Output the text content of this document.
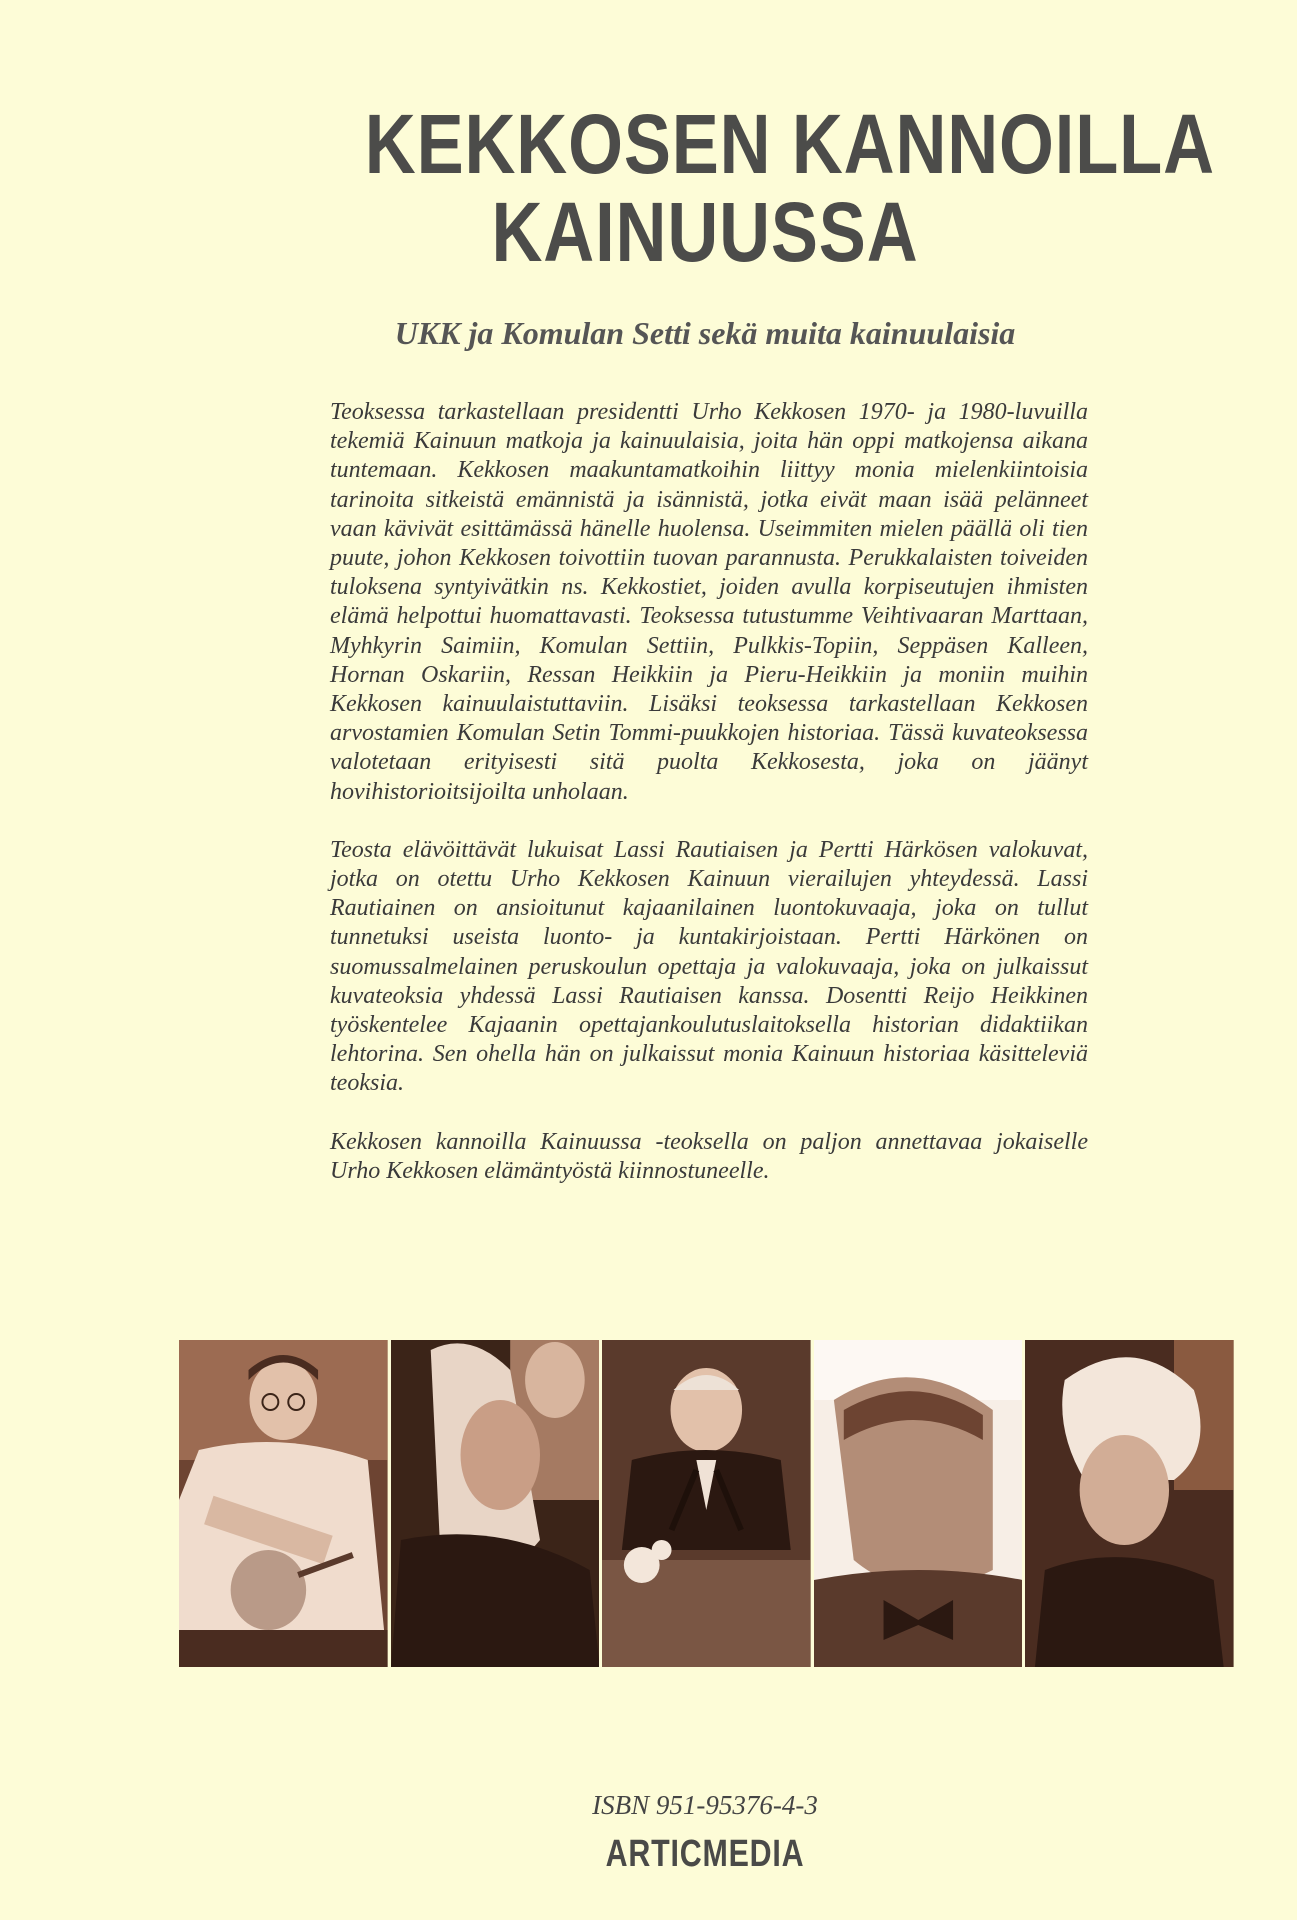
KEKKOSEN KANNOILLA
KAINUUSSA
UKK ja Komulan Setti sekä muita kainuulaisia

Teoksessa tarkastellaan presidentti Urho Kekkosen 1970- ja 1980-luvuilla tekemiä Kainuun matkoja ja kainuulaisia, joita hän oppi matkojensa aikana tuntemaan. Kekkosen maakuntamatkoihin liittyy monia mielenkiintoisia tarinoita sitkeistä emännistä ja isännistä, jotka eivät maan isää pelänneet vaan kävivät esittämässä hänelle huolensa. Useimmiten mielen päällä oli tien puute, johon Kekkosen toivottiin tuovan parannusta. Perukkalaisten toiveiden tuloksena syntyivätkin ns. Kekkostiet, joiden avulla korpiseutujen ihmisten elämä helpottui huomattavasti. Teoksessa tutustumme Veihtivaaran Marttaan, Myhkyrin Saimiin, Komulan Settiin, Pulkkis-Topiin, Seppäsen Kalleen, Hornan Oskariin, Ressan Heikkiin ja Pieru-Heikkiin ja moniin muihin Kekkosen kainuulaistuttaviin. Lisäksi teoksessa tarkastellaan Kekkosen arvostamien Komulan Setin Tommi-puukkojen historiaa. Tässä kuvateoksessa valotetaan erityisesti sitä puolta Kekkosesta, joka on jäänyt hovihistorioitsijoilta unholaan.

Teosta elävöittävät lukuisat Lassi Rautiaisen ja Pertti Härkösen valokuvat, jotka on otettu Urho Kekkosen Kainuun vierailujen yhteydessä. Lassi Rautiainen on ansioitunut kajaanilainen luontokuvaaja, joka on tullut tunnetuksi useista luonto- ja kuntakirjoistaan. Pertti Härkönen on suomussalmelainen peruskoulun opettaja ja valokuvaaja, joka on julkaissut kuvateoksia yhdessä Lassi Rautiaisen kanssa. Dosentti Reijo Heikkinen työskentelee Kajaanin opettajankoulutuslaitoksella historian didaktiikan lehtorina. Sen ohella hän on julkaissut monia Kainuun historiaa käsitteleviä teoksia.

Kekkosen kannoilla Kainuussa -teoksella on paljon annettavaa jokaiselle Urho Kekkosen elämäntyöstä kiinnostuneelle.

ISBN 951-95376-4-3
ARTICMEDIA
